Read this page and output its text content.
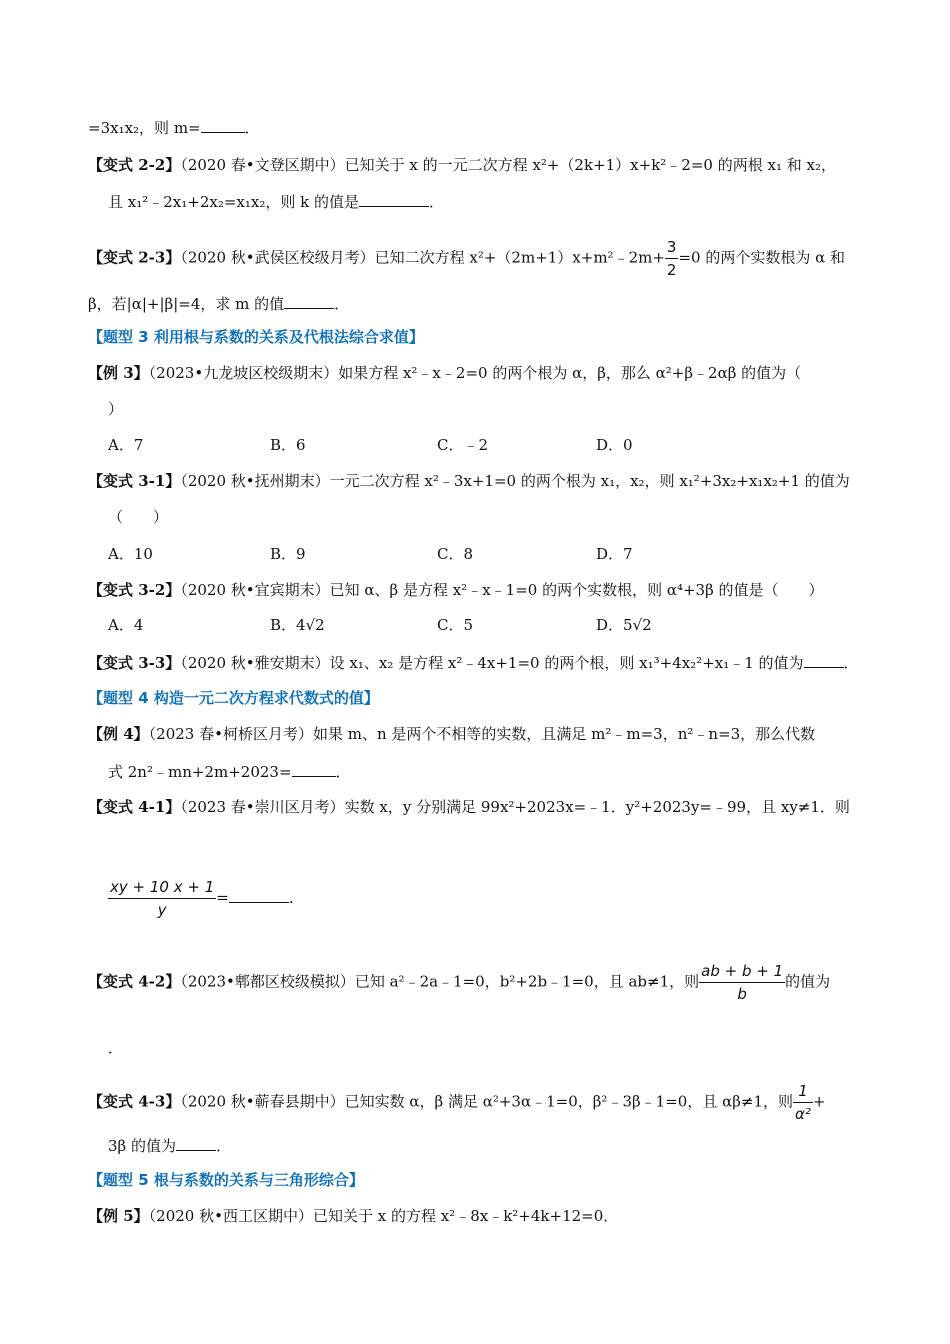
=3x₁x₂，则 m=	．
【变式 2-2】（2020 春•文登区期中）已知关于 x 的一元二次方程 x²+（2k+1）x+k²﹣2=0 的两根 x₁ 和 x₂，
且 x₁²﹣2x₁+2x₂=x₁x₂，则 k 的值是	．
【变式 2-3】（2020 秋•武侯区校级月考）已知二次方程 x²+（2m+1）x+m²﹣2m+ $\frac{3}{2} =0$ 的两个实数根为 α 和
β，若|α|+|β|=4，求 m 的值	．
【题型 3 利用根与系数的关系及代根法综合求值】
【例 3】（2023•九龙坡区校级期末）如果方程 x²﹣x﹣2=0 的两个根为 α，β，那么 α²+β﹣2αβ 的值为（
）
A．7	B．6	C．﹣2	D．0
【变式 3-1】（2020 秋•抚州期末）一元二次方程 x²﹣3x+1=0 的两个根为 x₁，x₂，则 x₁²+3x₂+x₁x₂+1 的值为
（　　）
A．10	B．9	C．8	D．7
【变式 3-2】（2020 秋•宜宾期末）已知 α、β 是方程 x²﹣x﹣1=0 的两个实数根，则 α⁴+3β 的值是（　　）
A．4	B．4√2	C．5	D．5√2
【变式 3-3】（2020 秋•雅安期末）设 x₁、x₂ 是方程 x²﹣4x+1=0 的两个根，则 x₁³+4x₂²+x₁﹣1 的值为	．
【题型 4 构造一元二次方程求代数式的值】
【例 4】（2023 春•柯桥区月考）如果 m、n 是两个不相等的实数，且满足 m²﹣m=3，n²﹣n=3，那么代数
式 2n²﹣mn+2m+2023=	．
【变式 4-1】（2023 春•崇川区月考）实数 x，y 分别满足 99x²+2023x=﹣1．y²+2023y=﹣99，且 xy≠1．则
$\frac{xy + 10 x + 1}{y}$ =	．
【变式 4-2】（2023•郫都区校级模拟）已知 a²﹣2a﹣1=0，b²+2b﹣1=0，且 ab≠1，则 $\frac{ab + b + 1}{b}$ 的值为
．
【变式 4-3】（2020 秋•蕲春县期中）已知实数 α，β 满足 α²+3α﹣1=0，β²﹣3β﹣1=0，且 αβ≠1，则 $\frac{1}{\text{α²}}$ +
3β 的值为	．
【题型 5 根与系数的关系与三角形综合】
【例 5】（2020 秋•西工区期中）已知关于 x 的方程 x²﹣8x﹣k²+4k+12=0．
